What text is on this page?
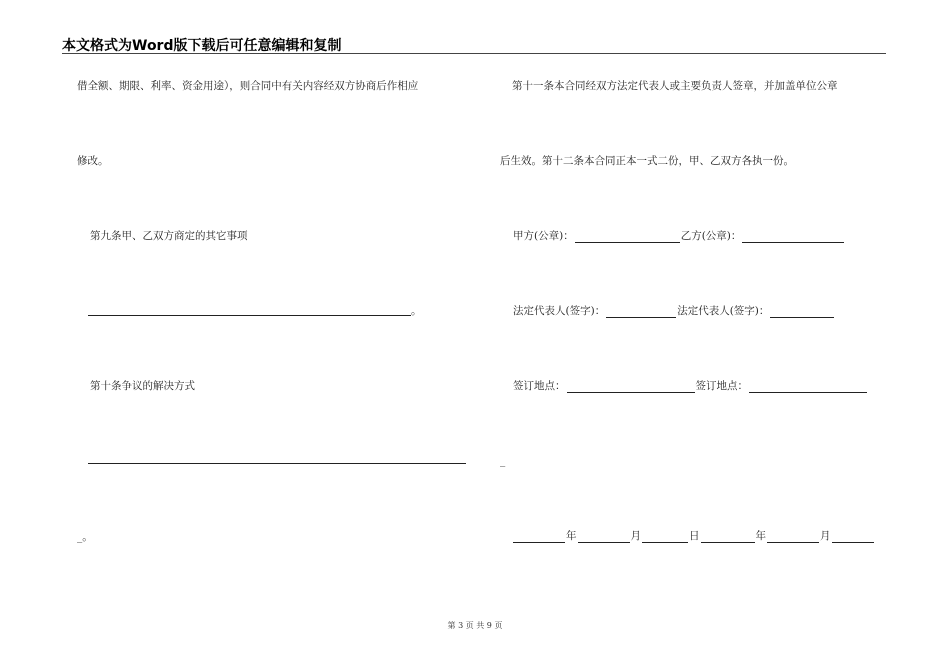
本文格式为Word版下载后可任意编辑和复制
借全额、期限、利率、资金用途），则合同中有关内容经双方协商后作相应
修改。
第九条甲、乙双方商定的其它事项
。
第十条争议的解决方式
_。
第十一条本合同经双方法定代表人或主要负责人签章，并加盖单位公章
后生效。第十二条本合同正本一式二份，甲、乙双方各执一份。
甲方(公章)：	乙方(公章)：
法定代表人(签字)：	法定代表人(签字)：
签订地点：	签订地点：
_
年	月	日	年	月
第 3 页 共 9 页
